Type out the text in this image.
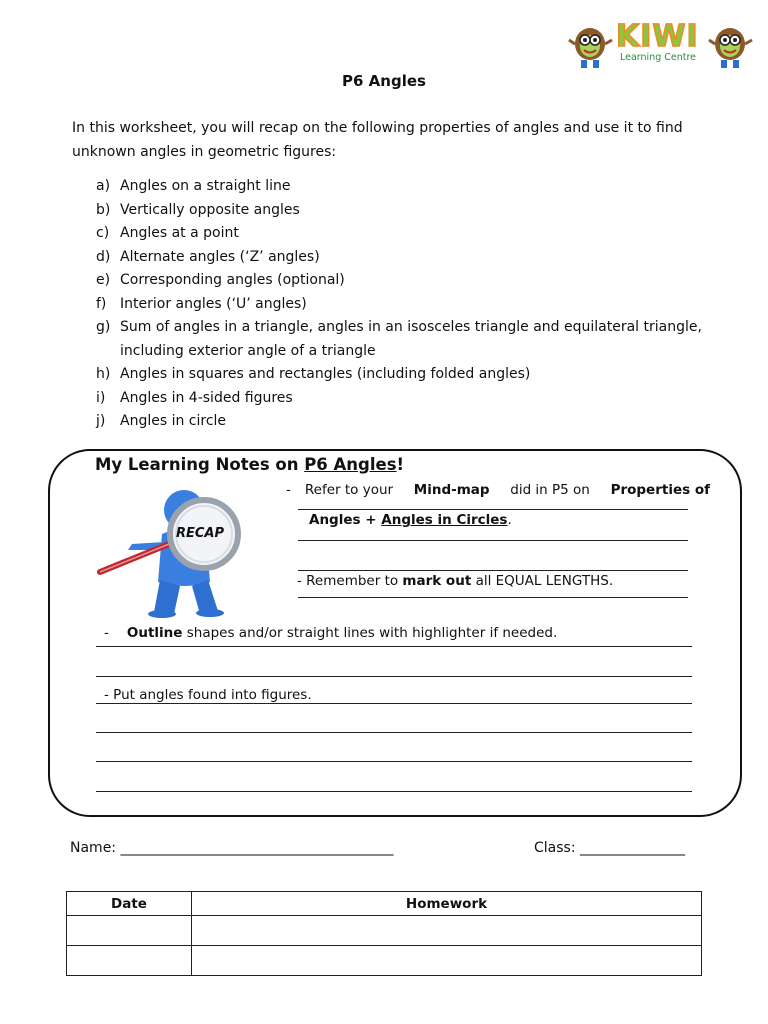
KIWI
Learning Centre
P6 Angles
In this worksheet, you will recap on the following properties of angles and use it to find unknown angles in geometric figures:
a) Angles on a straight line
b) Vertically opposite angles
c) Angles at a point
d) Alternate angles (‘Z’ angles)
e) Corresponding angles (optional)
f) Interior angles (‘U’ angles)
g) Sum of angles in a triangle, angles in an isosceles triangle and equilateral triangle, including exterior angle of a triangle
h) Angles in squares and rectangles (including folded angles)
i) Angles in 4-sided figures
j) Angles in circle
My Learning Notes on P6 Angles!
RECAP
- Refer to your Mind-map did in P5 on Properties of
Angles + Angles in Circles.
- Remember to mark out all EQUAL LENGTHS.
- Outline shapes and/or straight lines with highlighter if needed.
- Put angles found into figures.
Name: _______________________________________	Class: _______________
Date	Homework
